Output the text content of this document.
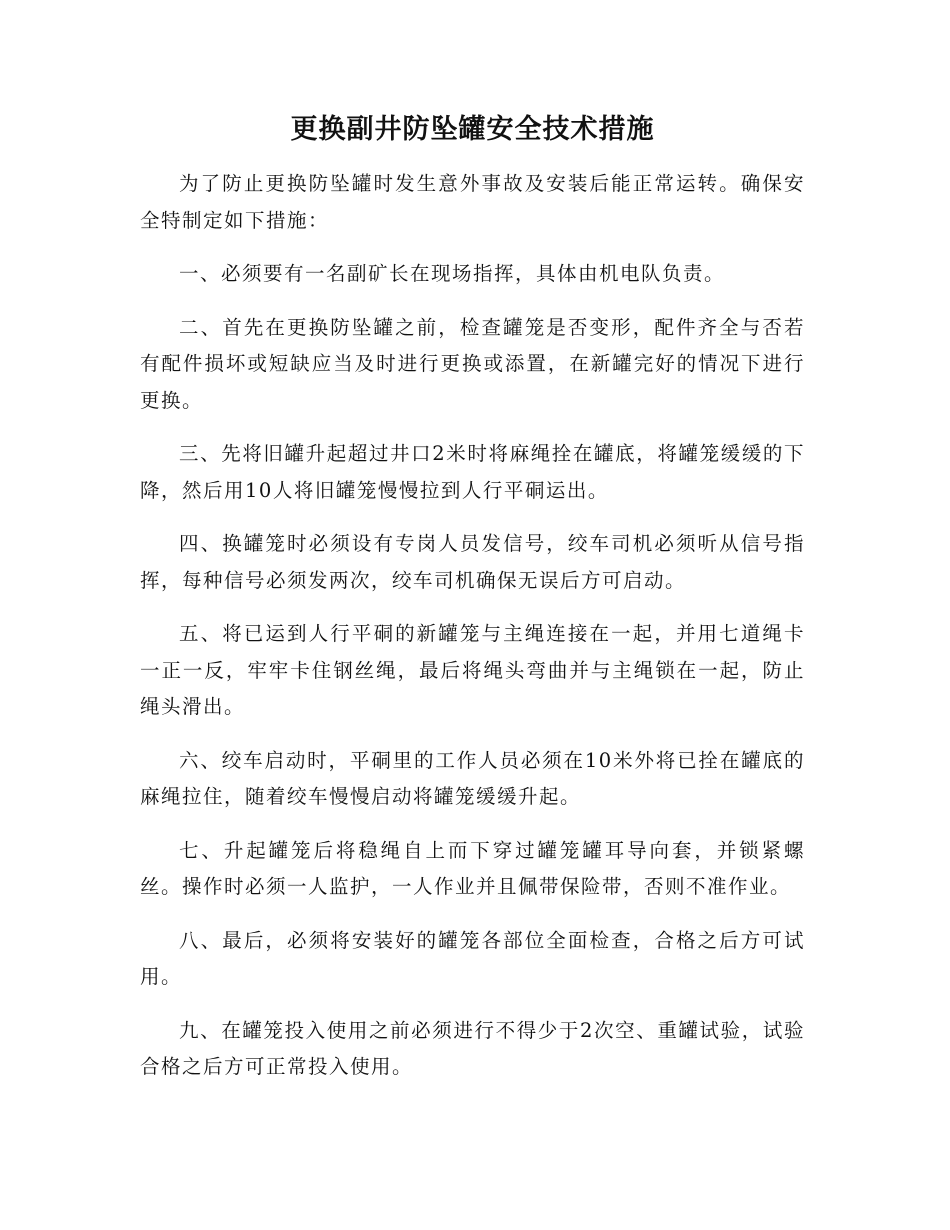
更换副井防坠罐安全技术措施

为了防止更换防坠罐时发生意外事故及安装后能正常运转。确保安全特制定如下措施：

一、必须要有一名副矿长在现场指挥，具体由机电队负责。

二、首先在更换防坠罐之前，检查罐笼是否变形，配件齐全与否若有配件损坏或短缺应当及时进行更换或添置，在新罐完好的情况下进行更换。

三、先将旧罐升起超过井口2米时将麻绳拴在罐底，将罐笼缓缓的下降，然后用10人将旧罐笼慢慢拉到人行平硐运出。

四、换罐笼时必须设有专岗人员发信号，绞车司机必须听从信号指挥，每种信号必须发两次，绞车司机确保无误后方可启动。

五、将已运到人行平硐的新罐笼与主绳连接在一起，并用七道绳卡一正一反，牢牢卡住钢丝绳，最后将绳头弯曲并与主绳锁在一起，防止绳头滑出。

六、绞车启动时，平硐里的工作人员必须在10米外将已拴在罐底的麻绳拉住，随着绞车慢慢启动将罐笼缓缓升起。

七、升起罐笼后将稳绳自上而下穿过罐笼罐耳导向套，并锁紧螺丝。操作时必须一人监护，一人作业并且佩带保险带，否则不准作业。

八、最后，必须将安装好的罐笼各部位全面检查，合格之后方可试用。

九、在罐笼投入使用之前必须进行不得少于2次空、重罐试验，试验合格之后方可正常投入使用。
